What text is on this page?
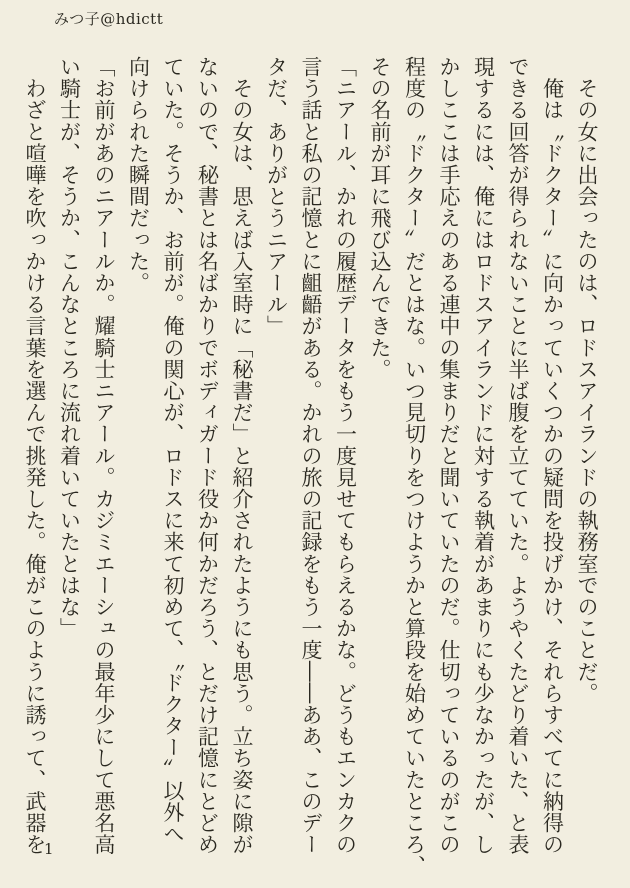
みつ子@hdictt
　その女に出会ったのは、ロドスアイランドの執務室でのことだ。
　俺は〝ドクター〟に向かっていくつかの疑問を投げかけ、それらすべてに納得の
できる回答が得られないことに半ば腹を立てていた。ようやくたどり着いた、と表
現するには、俺にはロドスアイランドに対する執着があまりにも少なかったが、し
かしここは手応えのある連中の集まりだと聞いていたのだ。仕切っているのがこの
程度の〝ドクター〟だとはな。いつ見切りをつけようかと算段を始めていたところ、
その名前が耳に飛び込んできた。
「ニアール、かれの履歴データをもう一度見せてもらえるかな。どうもエンカクの
言う話と私の記憶とに齟齬がある。かれの旅の記録をもう一度――ああ、このデー
タだ、ありがとうニアール」
　その女は、思えば入室時に「秘書だ」と紹介されたようにも思う。立ち姿に隙が
ないので、秘書とは名ばかりでボディガード役か何かだろう、とだけ記憶にとどめ
ていた。そうか、お前が。俺の関心が、ロドスに来て初めて、〝ドクター〟以外へ
向けられた瞬間だった。
「お前があのニアールか。耀騎士ニアール。カジミエーシュの最年少にして悪名高
い騎士が、そうか、こんなところに流れ着いていたとはな」
　わざと喧嘩を吹っかける言葉を選んで挑発した。俺がこのように誘って、武器を
1
